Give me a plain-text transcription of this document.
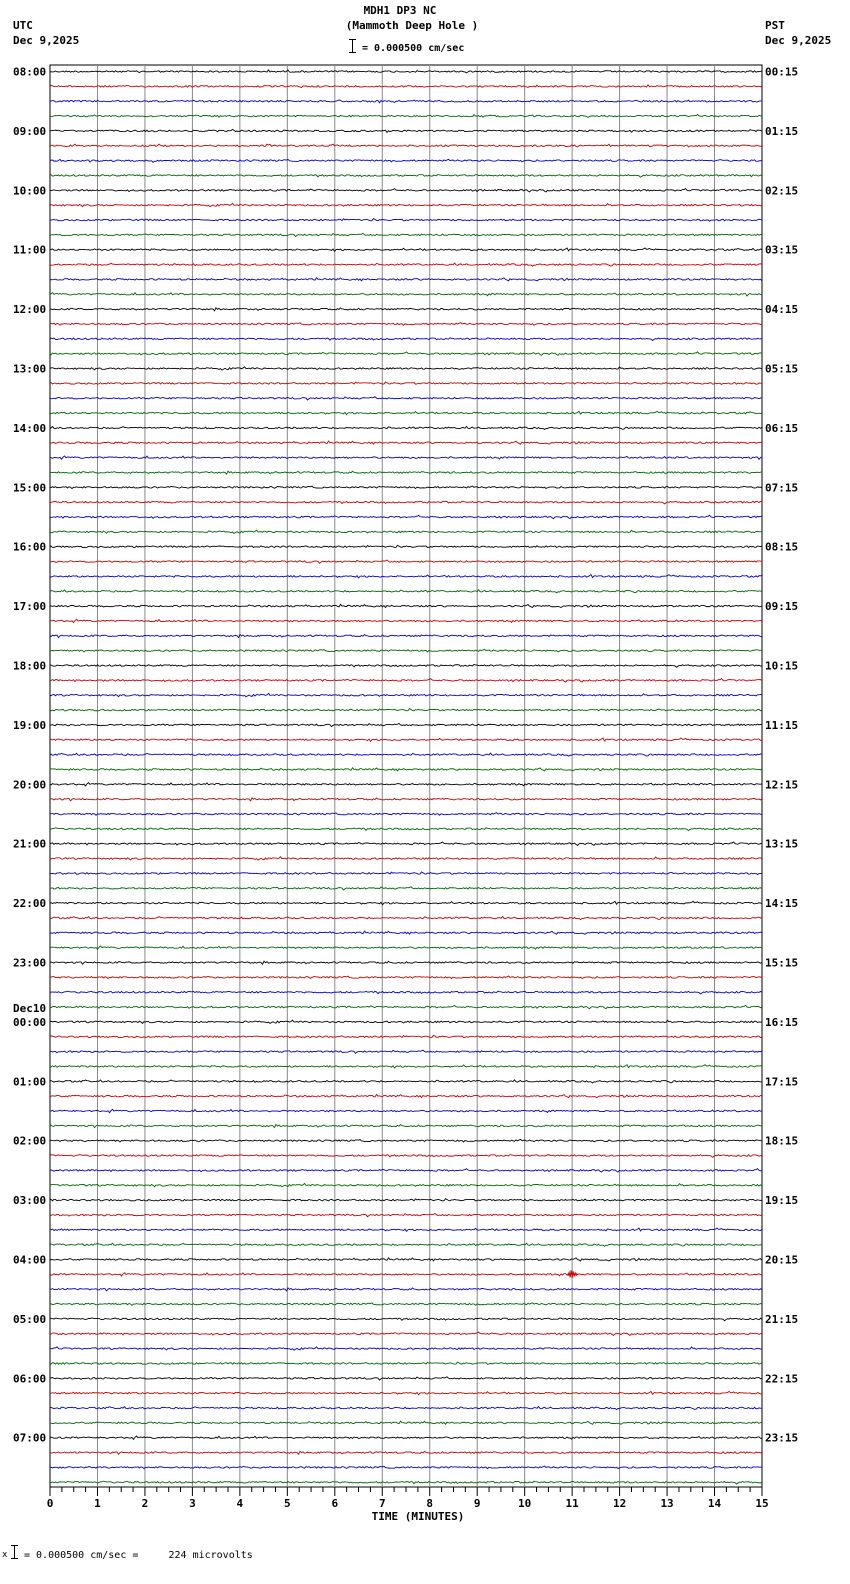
MDH1 DP3 NC
(Mammoth Deep Hole )
= 0.000500 cm/sec
UTC
Dec 9,2025
PST
Dec 9,2025
08:00
09:00
10:00
11:00
12:00
13:00
14:00
15:00
16:00
17:00
18:00
19:00
20:00
21:00
22:00
23:00
00:00
Dec10
01:00
02:00
03:00
04:00
05:00
06:00
07:00
00:15
01:15
02:15
03:15
04:15
05:15
06:15
07:15
08:15
09:15
10:15
11:15
12:15
13:15
14:15
15:15
16:15
17:15
18:15
19:15
20:15
21:15
22:15
23:15
0	1	2	3	4	5	6	7	8	9	10	11	12	13	14	15
TIME (MINUTES)
x = 0.000500 cm/sec =     224 microvolts
